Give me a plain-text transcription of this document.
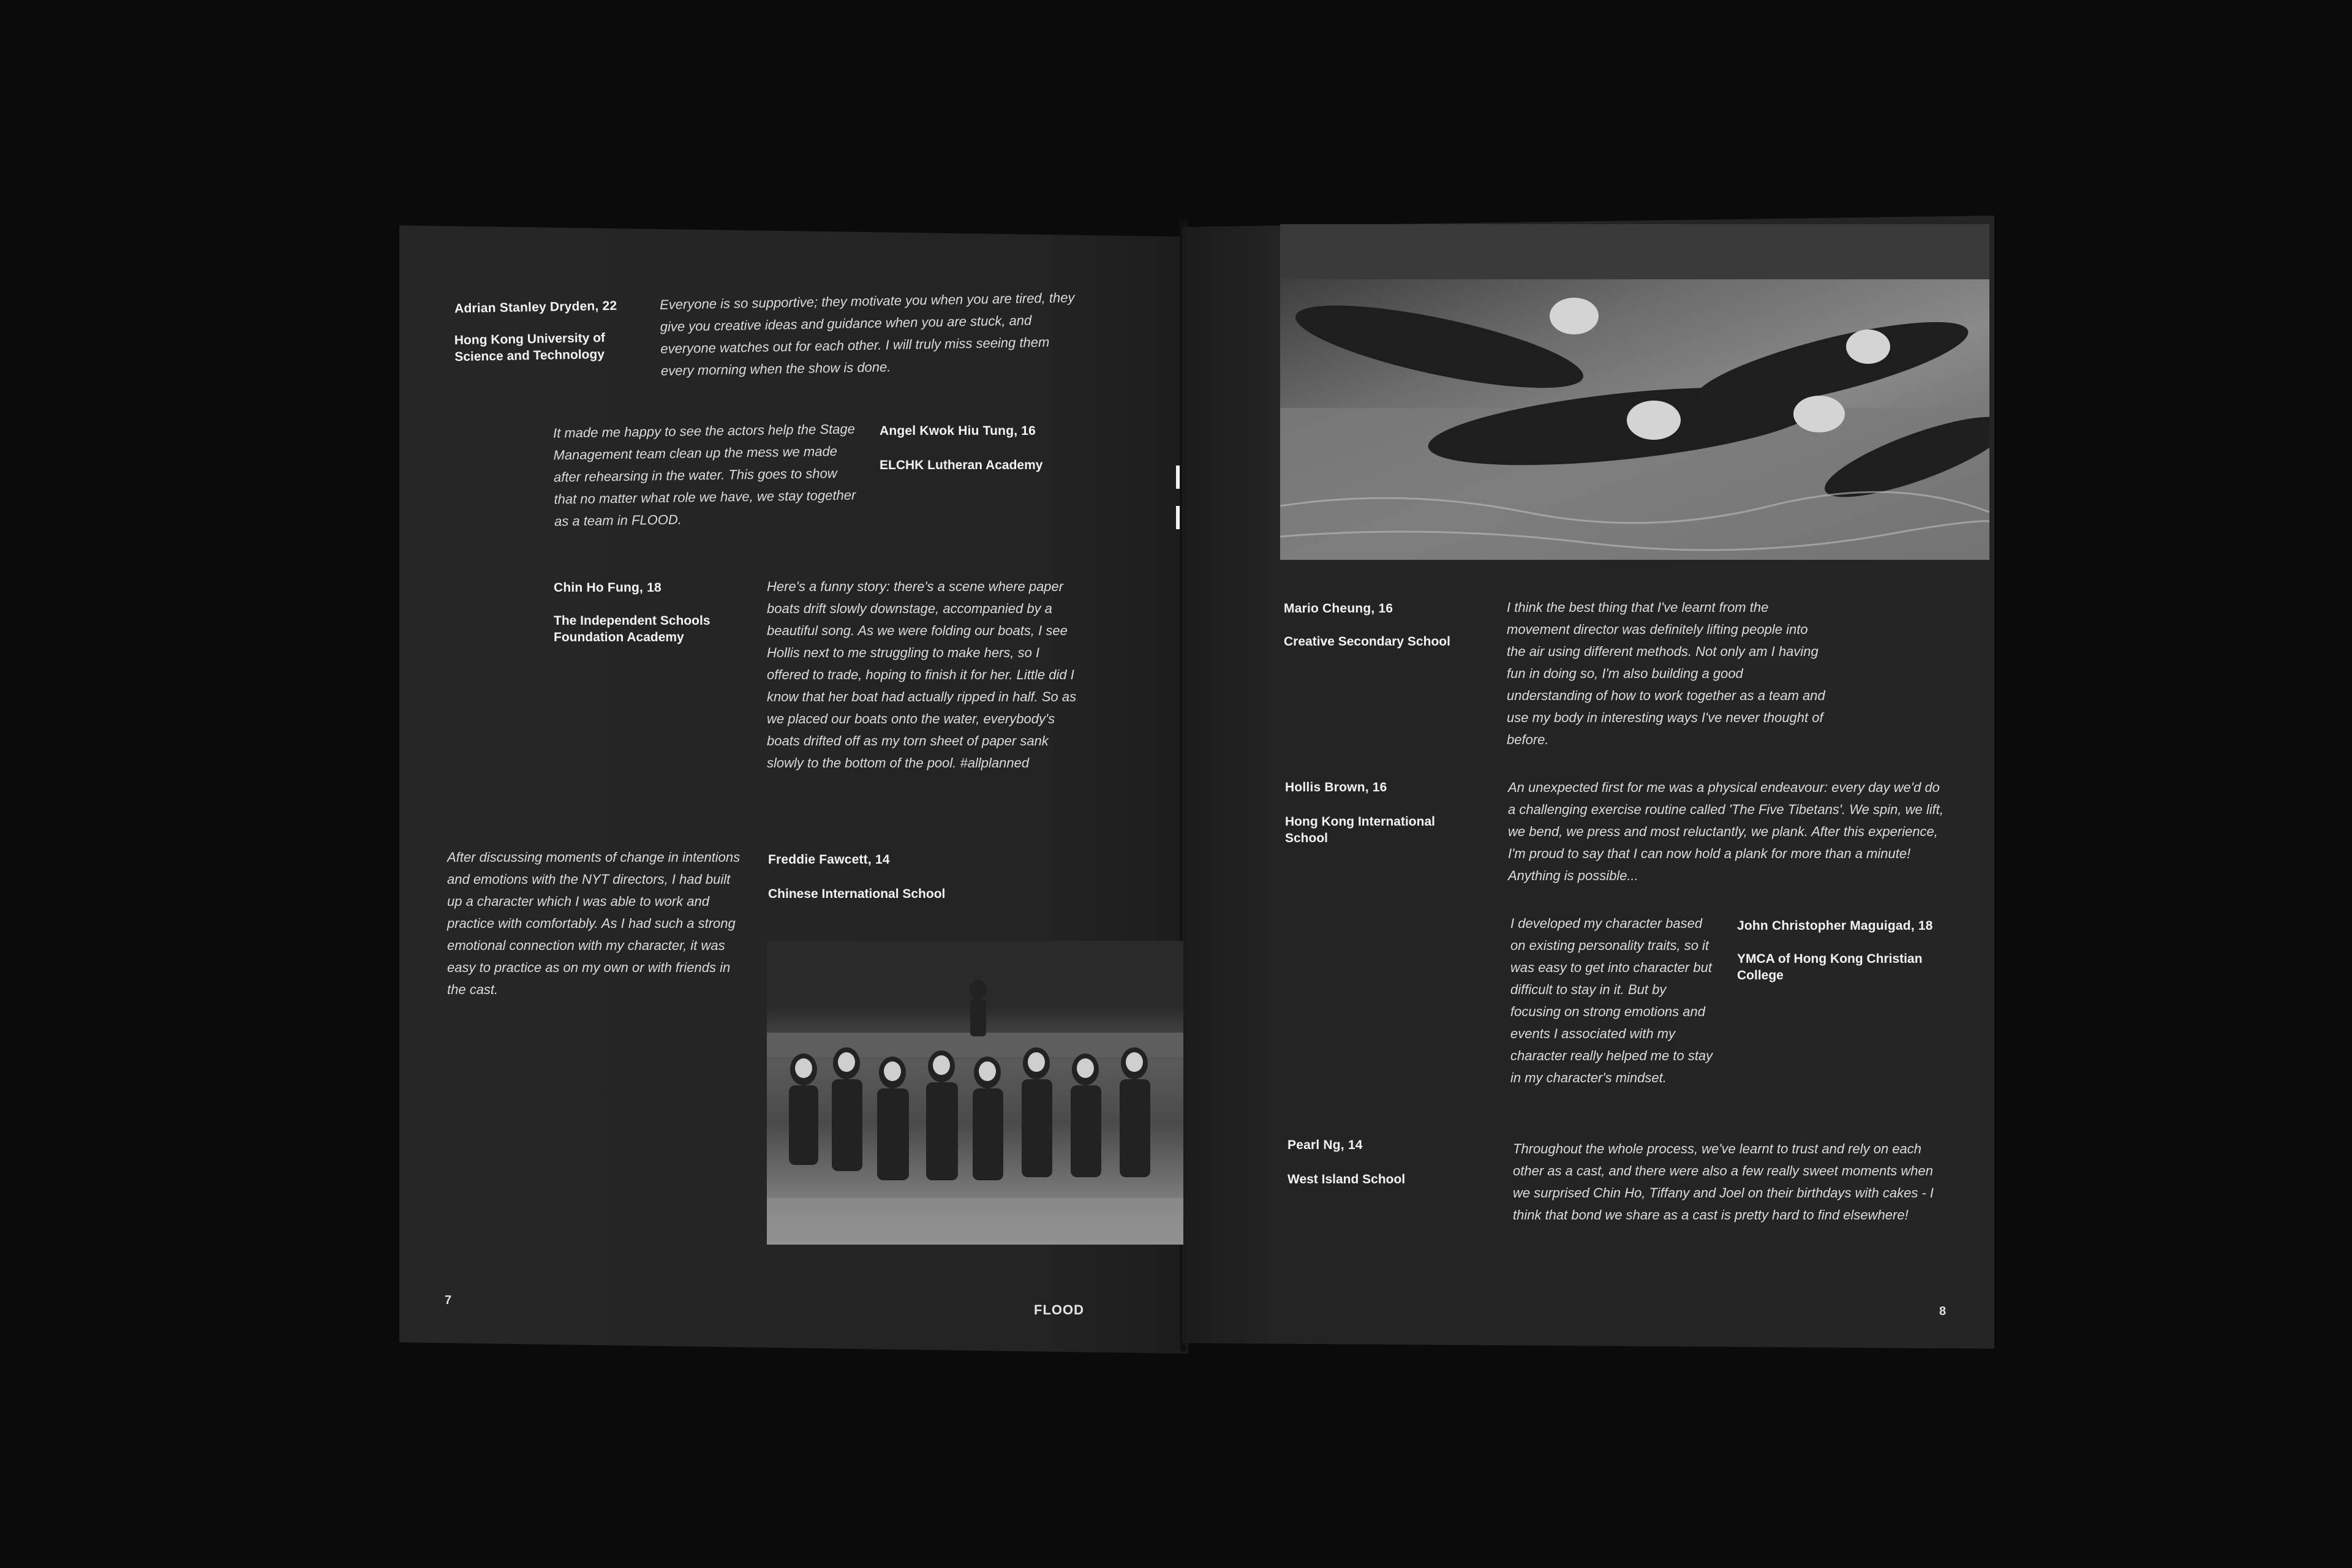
Adrian Stanley Dryden, 22
Hong Kong University of Science and Technology
Everyone is so supportive; they motivate you when you are tired, they give you creative ideas and guidance when you are stuck, and everyone watches out for each other. I will truly miss seeing them every morning when the show is done.
It made me happy to see the actors help the Stage Management team clean up the mess we made after rehearsing in the water. This goes to show that no matter what role we have, we stay together as a team in FLOOD.
Angel Kwok Hiu Tung, 16
ELCHK Lutheran Academy
Chin Ho Fung, 18
The Independent Schools Foundation Academy
Here's a funny story: there's a scene where paper boats drift slowly downstage, accompanied by a beautiful song. As we were folding our boats, I see Hollis next to me struggling to make hers, so I offered to trade, hoping to finish it for her. Little did I know that her boat had actually ripped in half. So as we placed our boats onto the water, everybody's boats drifted off as my torn sheet of paper sank slowly to the bottom of the pool. #allplanned
After discussing moments of change in intentions and emotions with the NYT directors, I had built up a character which I was able to work and practice with comfortably. As I had such a strong emotional connection with my character, it was easy to practice as on my own or with friends in the cast.
Freddie Fawcett, 14
Chinese International School
7
FLOOD
Mario Cheung, 16
Creative Secondary School
I think the best thing that I've learnt from the movement director was definitely lifting people into the air using different methods. Not only am I having fun in doing so, I'm also building a good understanding of how to work together as a team and use my body in interesting ways I've never thought of before.
Hollis Brown, 16
Hong Kong International School
An unexpected first for me was a physical endeavour: every day we'd do a challenging exercise routine called 'The Five Tibetans'. We spin, we lift, we bend, we press and most reluctantly, we plank. After this experience, I'm proud to say that I can now hold a plank for more than a minute! Anything is possible...
I developed my character based on existing personality traits, so it was easy to get into character but difficult to stay in it. But by focusing on strong emotions and events I associated with my character really helped me to stay in my character's mindset.
John Christopher Maguigad, 18
YMCA of Hong Kong Christian College
Pearl Ng, 14
West Island School
Throughout the whole process, we've learnt to trust and rely on each other as a cast, and there were also a few really sweet moments when we surprised Chin Ho, Tiffany and Joel on their birthdays with cakes - I think that bond we share as a cast is pretty hard to find elsewhere!
8
